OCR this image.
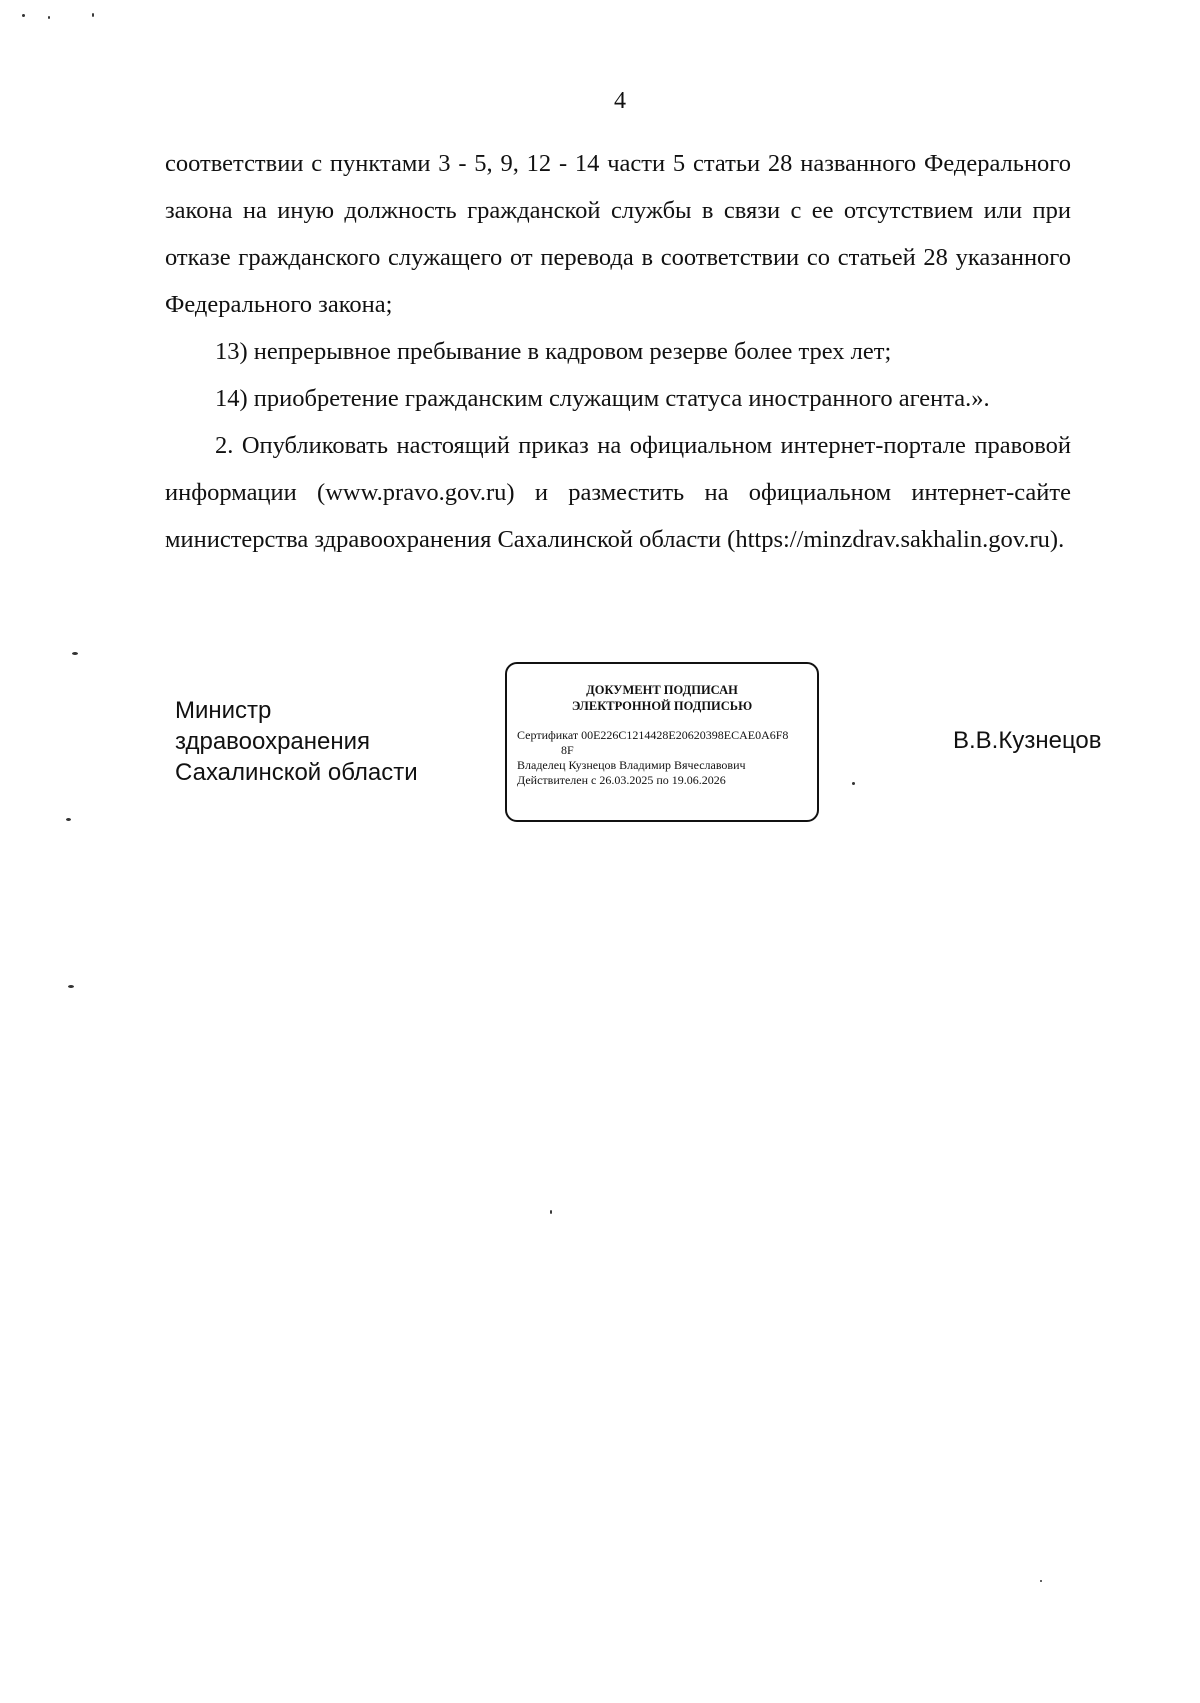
4

соответствии с пунктами 3 - 5, 9, 12 - 14 части 5 статьи 28 названного Федерального закона на иную должность гражданской службы в связи с ее отсутствием или при отказе гражданского служащего от перевода в соответствии со статьей 28 указанного Федерального закона;

13) непрерывное пребывание в кадровом резерве более трех лет;

14) приобретение гражданским служащим статуса иностранного агента.».

2. Опубликовать настоящий приказ на официальном интернет-портале правовой информации (www.pravo.gov.ru) и разместить на официальном интернет-сайте министерства здравоохранения Сахалинской области (https://minzdrav.sakhalin.gov.ru).

Министр
здравоохранения
Сахалинской области
ДОКУМЕНТ ПОДПИСАН
ЭЛЕКТРОННОЙ ПОДПИСЬЮ
Сертификат 00E226C1214428E20620398ECAE0A6F8
8F
Владелец Кузнецов Владимир Вячеславович
Действителен с 26.03.2025 по 19.06.2026
В.В.Кузнецов
